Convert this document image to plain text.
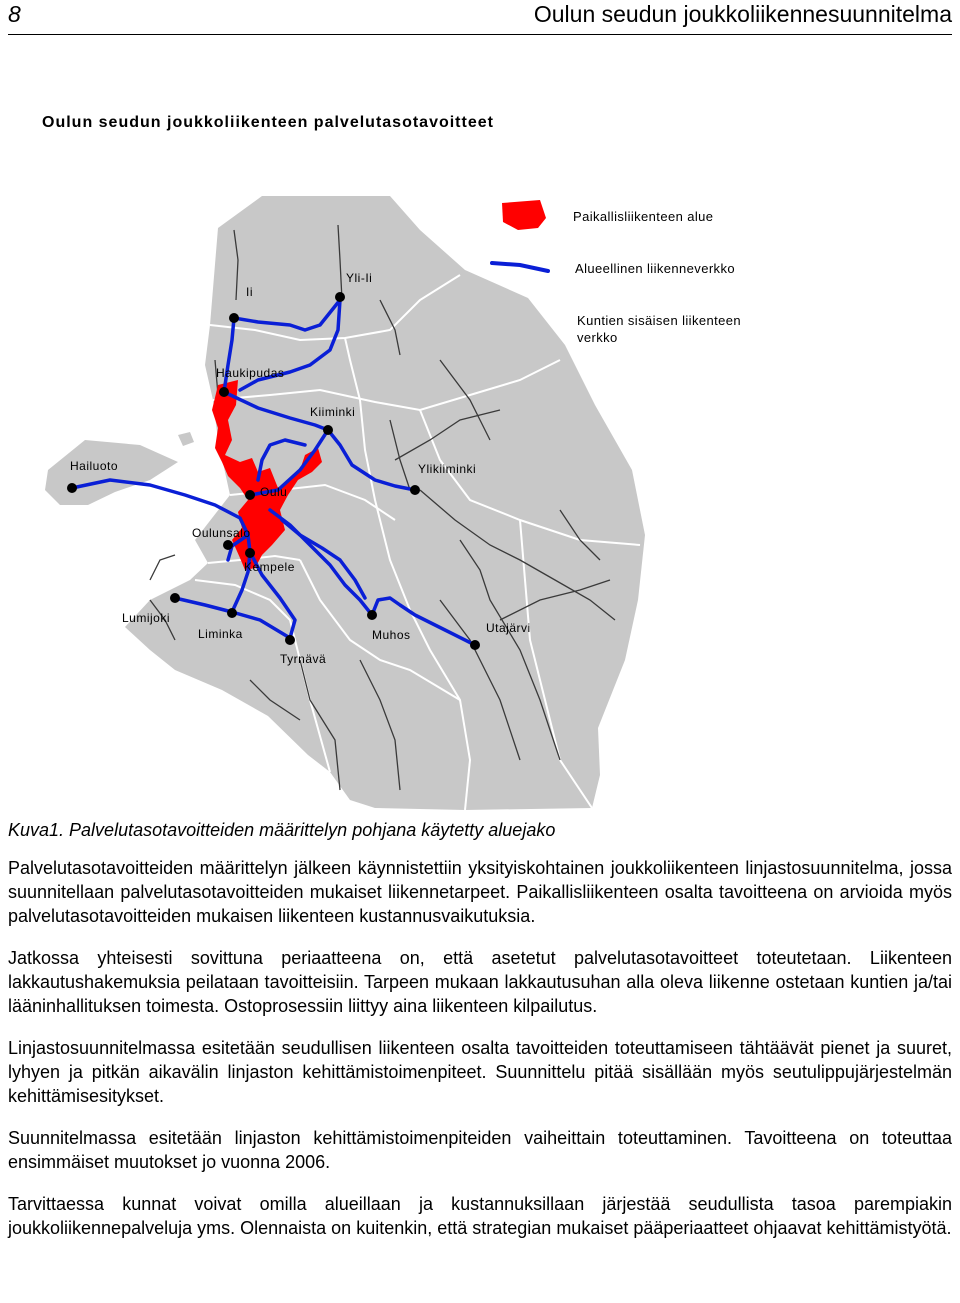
8	Oulun seudun joukkoliikennesuunnitelma
Oulun seudun joukkoliikenteen palvelutasotavoitteet
Ii
Yli-Ii
Haukipudas
Kiiminki
Hailuoto
Oulu
Ylikiiminki
Oulunsalo
Kempele
Lumijoki
Liminka	Muhos	Utajärvi
Tyrnävä
Paikallisliikenteen alue
Alueellinen liikenneverkko
Kuntien sisäisen liikenteen verkko
Kuva1. Palvelutasotavoitteiden määrittelyn pohjana käytetty aluejako

Palvelutasotavoitteiden määrittelyn jälkeen käynnistettiin yksityiskohtainen joukkoliikenteen linjastosuunnitelma, jossa suunnitellaan palvelutasotavoitteiden mukaiset liikennetarpeet. Paikallisliikenteen osalta tavoitteena on arvioida myös palvelutasotavoitteiden mukaisen liikenteen kustannusvaikutuksia.

Jatkossa yhteisesti sovittuna periaatteena on, että asetetut palvelutasotavoitteet toteutetaan. Liikenteen lakkautushakemuksia peilataan tavoitteisiin. Tarpeen mukaan lakkautusuhan alla oleva liikenne ostetaan kuntien ja/tai lääninhallituksen toimesta. Ostoprosessiin liittyy aina liikenteen kilpailutus.

Linjastosuunnitelmassa esitetään seudullisen liikenteen osalta tavoitteiden toteuttamiseen tähtäävät pienet ja suuret, lyhyen ja pitkän aikavälin linjaston kehittämistoimenpiteet. Suunnittelu pitää sisällään myös seutulippujärjestelmän kehittämisesitykset.

Suunnitelmassa esitetään linjaston kehittämistoimenpiteiden vaiheittain toteuttaminen. Tavoitteena on toteuttaa ensimmäiset muutokset jo vuonna 2006.

Tarvittaessa kunnat voivat omilla alueillaan ja kustannuksillaan järjestää seudullista tasoa parempiakin joukkoliikennepalveluja yms. Olennaista on kuitenkin, että strategian mukaiset pääperiaatteet ohjaavat kehittämistyötä.
